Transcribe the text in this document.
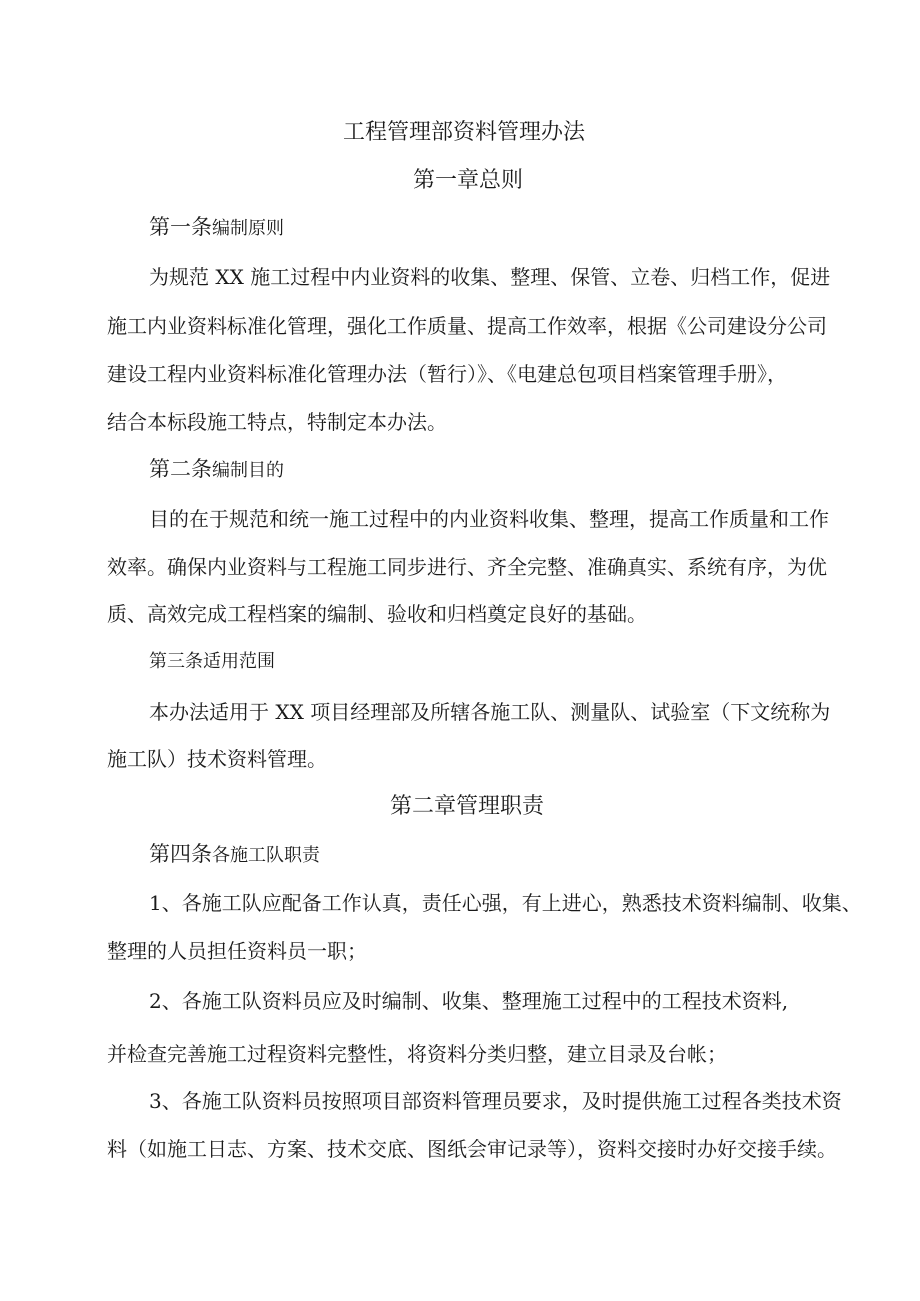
工程管理部资料管理办法
第一章总则
第一条编制原则

为规范 XX 施工过程中内业资料的收集、整理、保管、立卷、归档工作，促进

施工内业资料标准化管理，强化工作质量、提高工作效率，根据《公司建设分公司

建设工程内业资料标准化管理办法（暂行）》、《电建总包项目档案管理手册》，

结合本标段施工特点，特制定本办法。

第二条编制目的

目的在于规范和统一施工过程中的内业资料收集、整理，提高工作质量和工作

效率。确保内业资料与工程施工同步进行、齐全完整、准确真实、系统有序，为优

质、高效完成工程档案的编制、验收和归档奠定良好的基础。

第三条适用范围

本办法适用于 XX 项目经理部及所辖各施工队、测量队、试验室（下文统称为

施工队）技术资料管理。

第二章管理职责
第四条各施工队职责

1、各施工队应配备工作认真，责任心强，有上进心，熟悉技术资料编制、收集、

整理的人员担任资料员一职；

2、各施工队资料员应及时编制、收集、整理施工过程中的工程技术资料,

并检查完善施工过程资料完整性，将资料分类归整，建立目录及台帐；

3、各施工队资料员按照项目部资料管理员要求，及时提供施工过程各类技术资

料（如施工日志、方案、技术交底、图纸会审记录等），资料交接时办好交接手续。
